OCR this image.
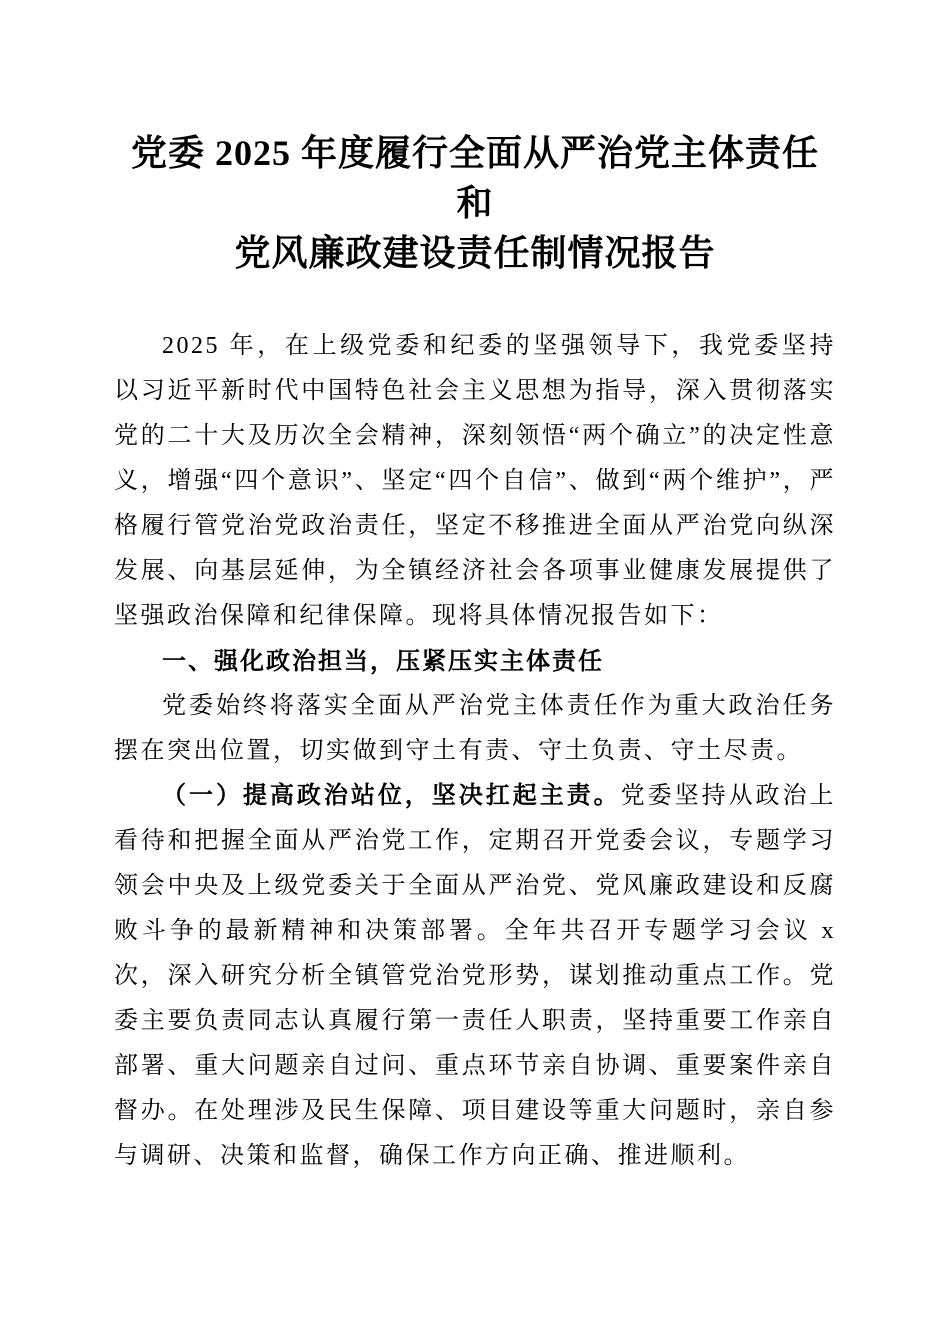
党委 2025 年度履行全面从严治党主体责任和
党风廉政建设责任制情况报告

2025 年，在上级党委和纪委的坚强领导下，我党委坚持以习近平新时代中国特色社会主义思想为指导，深入贯彻落实党的二十大及历次全会精神，深刻领悟“两个确立”的决定性意义，增强“四个意识”、坚定“四个自信”、做到“两个维护”，严格履行管党治党政治责任，坚定不移推进全面从严治党向纵深发展、向基层延伸，为全镇经济社会各项事业健康发展提供了坚强政治保障和纪律保障。现将具体情况报告如下：

一、强化政治担当，压紧压实主体责任

党委始终将落实全面从严治党主体责任作为重大政治任务摆在突出位置，切实做到守土有责、守土负责、守土尽责。

（一）提高政治站位，坚决扛起主责。党委坚持从政治上看待和把握全面从严治党工作，定期召开党委会议，专题学习领会中央及上级党委关于全面从严治党、党风廉政建设和反腐败斗争的最新精神和决策部署。全年共召开专题学习会议 x 次，深入研究分析全镇管党治党形势，谋划推动重点工作。党委主要负责同志认真履行第一责任人职责，坚持重要工作亲自部署、重大问题亲自过问、重点环节亲自协调、重要案件亲自督办。在处理涉及民生保障、项目建设等重大问题时，亲自参与调研、决策和监督，确保工作方向正确、推进顺利。
